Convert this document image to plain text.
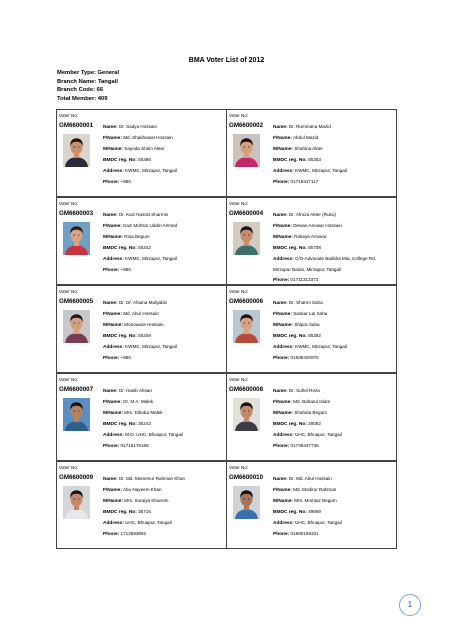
BMA Voter List of 2012
Member Type: General
Branch Name: Tangail
Branch Code: 66
Total Member: 409
Voter No:
GM6600001 Name: Dr. Sadya Hossain
F/Name: Md. Shakhawat Hossain
M/Name: Sayeda Shirin Akter
BMDC reg. No: 55386
Address: KWMC, Mirzapur, Tangail
Phone: +880
Voter No:
GM6600002 Name: Dr. Rummana Mazid
F/Name: Abdul Mazid
M/Name: Shahina Akter
BMDC reg. No: 55353
Address: KWMC, Mirzapur, Tangail
Phone: 01719317117
Voter No:
GM6600003 Name: Dr. Kazi Nusrat Sharmin
F/Name: Kazi Mohsin Uddin Ahmed
M/Name: Rina Begum
BMDC reg. No: 55342
Address: KWMC, Mirzapur, Tangail
Phone: +880
Voter No:
GM6600004 Name: Dr. Afroza Akter (Ruku)
F/Name: Dewan Anowar Hossain
M/Name: Rokeya Anowar
BMDC reg. No: 55708
Address: C/O-Advocate Badsha Mia, College Rd, Mirzapur Bazar, Mirzapur, Tangail
Phone: 01711313373
Voter No:
GM6600005 Name: Dr. Dr. Afsana Mahjabin
F/Name: Md. Abul Hossain
M/Name: Monowara Hossain
BMDC reg. No: 55349
Address: KWMC, Mirzapur, Tangail
Phone: +880
Voter No:
GM6600006 Name: Dr. Sharmi Saha
F/Name: Sankar Lal Saha
M/Name: Shipra Saha
BMDC reg. No: 55392
Address: KWMC, Mirzapur, Tangail
Phone: 01935420975
Voter No:
GM6600007 Name: Dr. Hasib Ahsan
F/Name: Dr. M A. Malek
M/Name: Mrs. Dilruba Malek
BMDC reg. No: 35243
Address: M.O. UHC, Bhuapur, Tangail
Phone: 01716176168
Voter No:
GM6600008 Name: Dr. Suhel Reza
F/Name: Md. Baharul Islam
M/Name: Shahida Begum
BMDC reg. No: 28082
Address: UHC, Bhuapur, Tangail
Phone: 01735447735
Voter No:
GM6600009 Name: Dr. Md. Momenur Rahman Khan
F/Name: Abu Nayeem Khan
M/Name: Mrs. Suraiya Khanom
BMDC reg. No: 35716
Address: UHC, Bhuapur, Tangail
Phone: 1712693862
Voter No:
GM6600010 Name: Dr. Md. Abul Hossain
F/Name: Md. Modirur Rahman
M/Name: Mrs. Momtaz Begum
BMDC reg. No: 49669
Address: UHC, Bhuapur, Tangail
Phone: 01680159331
1
